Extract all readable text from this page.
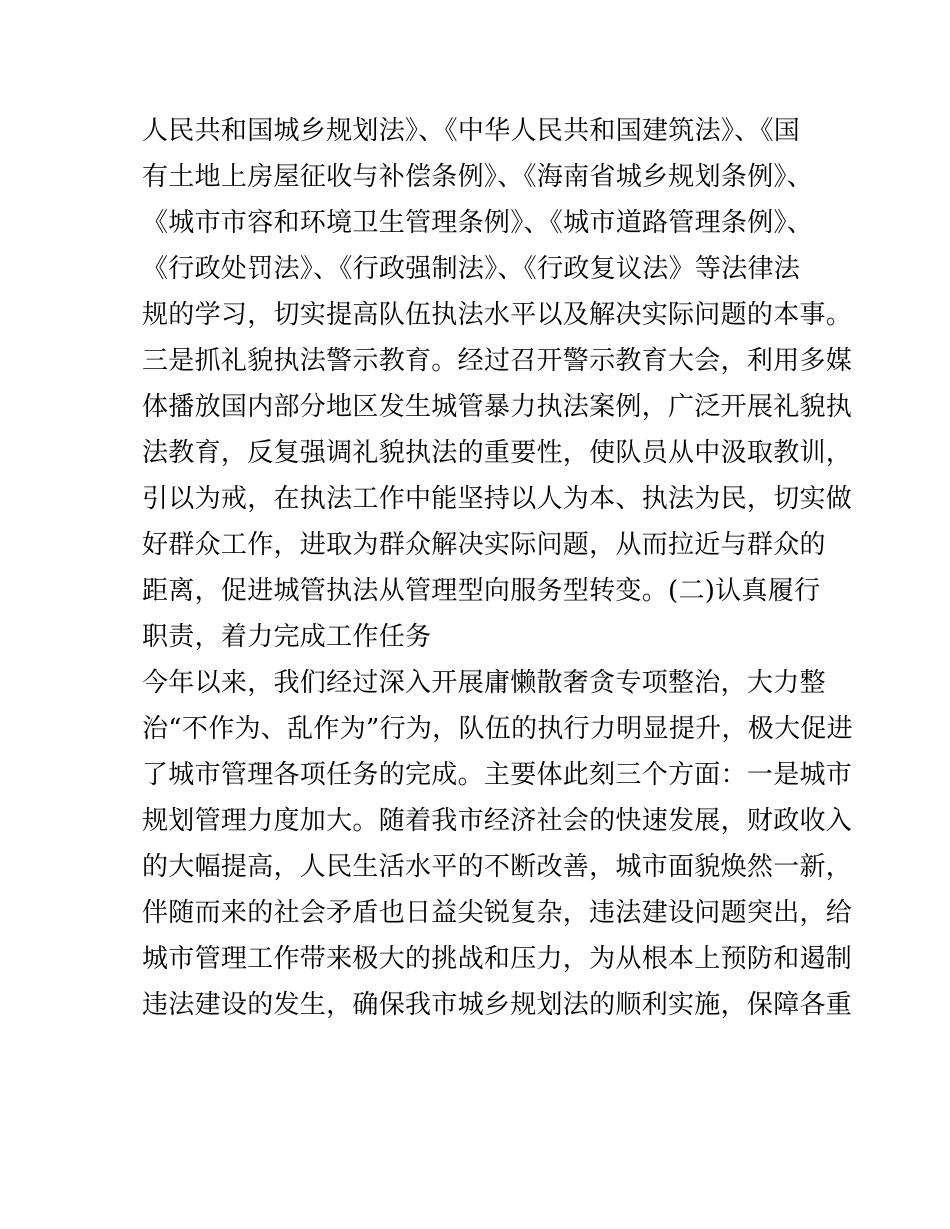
人民共和国城乡规划法》、《中华人民共和国建筑法》、《国
有土地上房屋征收与补偿条例》、《海南省城乡规划条例》、
《城市市容和环境卫生管理条例》、《城市道路管理条例》、
《行政处罚法》、《行政强制法》、《行政复议法》等法律法
规的学习，切实提高队伍执法水平以及解决实际问题的本事。
三是抓礼貌执法警示教育。经过召开警示教育大会，利用多媒
体播放国内部分地区发生城管暴力执法案例，广泛开展礼貌执
法教育，反复强调礼貌执法的重要性，使队员从中汲取教训，
引以为戒，在执法工作中能坚持以人为本、执法为民，切实做
好群众工作，进取为群众解决实际问题，从而拉近与群众的
距离，促进城管执法从管理型向服务型转变。(二)认真履行
职责，着力完成工作任务
今年以来，我们经过深入开展庸懒散奢贪专项整治，大力整
治“不作为、乱作为”行为，队伍的执行力明显提升，极大促进
了城市管理各项任务的完成。主要体此刻三个方面：一是城市
规划管理力度加大。随着我市经济社会的快速发展，财政收入
的大幅提高，人民生活水平的不断改善，城市面貌焕然一新，
伴随而来的社会矛盾也日益尖锐复杂，违法建设问题突出，给
城市管理工作带来极大的挑战和压力，为从根本上预防和遏制
违法建设的发生，确保我市城乡规划法的顺利实施，保障各重
